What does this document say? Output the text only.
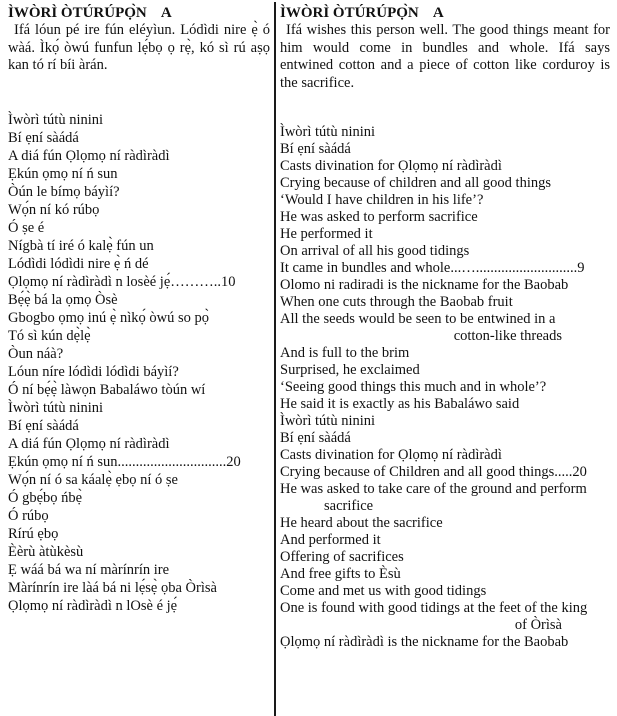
ÌWÒRÌ ÒTÚRÚPỌ̀N    A

Ifá lóun pé ire fún eléyìun. Lódìdi nire ẹ̀ ó wàá. Ìkọ́ òwú funfun lẹ́bọ ọ rẹ̀, kó sì rú aṣọ kan tó rí bíi àrán.

Ìwòrì tútù ninini
Bí ẹní sàádá
A diá fún Ọlọmọ ní ràdìràdì
Ẹkún ọmọ ní ń sun
Òún le bímọ báyìí?
Wọ́n ní kó rúbọ
Ó ṣe é
Nígbà tí iré ó kalẹ̀ fún un
Lódìdi lódìdi nire ẹ̀ ń dé
Ọlọmọ ní ràdìràdì n losèé jẹ́………..10
Bẹ́ẹ̀ bá la ọmọ Òsè
Gbogbo ọmọ inú ẹ̀ nìkọ́ òwú so pọ̀
Tó sì kún dẹ̀lẹ̀
Òun náà?
Lóun níre lódìdi lódìdi báyìí?
Ó ní bẹ́ẹ̀ làwọn Babaláwo tòún wí
Ìwòrì tútù ninini
Bí ẹní sàádá
A diá fún Ọlọmọ ní ràdìràdì
Ẹkún ọmọ ní ń sun..............................20
Wọ́n ní ó sa káalẹ̀ ẹbọ ní ó ṣe
Ó gbẹ́bọ ńbẹ̀
Ó rúbọ
Rírú ẹbọ
Èèrù àtùkèsù
Ẹ wáá bá wa ní màrínrín ire
Màrínrín ire làá bá ni lẹ́sẹ̀ ọba Òrìsà
Ọlọmọ ní ràdìràdì n lOsè é jẹ́
ÌWÒRÌ ÒTÚRÚPỌ̀N    A

Ifá wishes this person well. The good things meant for him would come in bundles and whole. Ifá says entwined cotton and a piece of cotton like corduroy is the sacrifice.

Ìwòrì tútù ninini
Bí ẹní sàádá
Casts divination for Ọlọmọ ní ràdìràdì
Crying because of children and all good things
‘Would I have children in his life’?
He was asked to perform sacrifice
He performed it
On arrival of all his good tidings
It came in bundles and whole...…............................9
Olomo ni radiradi is the nickname for the Baobab
When one cuts through the Baobab fruit
All the seeds would be seen to be entwined in a
cotton-like threads
And is full to the brim
Surprised, he exclaimed
‘Seeing good things this much and in whole’?
He said it is exactly as his Babaláwo said
Ìwòrì tútù ninini
Bí ẹní sàádá
Casts divination for Ọlọmọ ní ràdìràdì
Crying because of Children and all good things.....20
He was asked to take care of the ground and perform
sacrifice
He heard about the sacrifice
And performed it
Offering of sacrifices
And free gifts to Èsù
Come and met us with good tidings
One is found with good tidings at the feet of the king
of Òrìsà
Ọlọmọ ní ràdìràdì is the nickname for the Baobab
